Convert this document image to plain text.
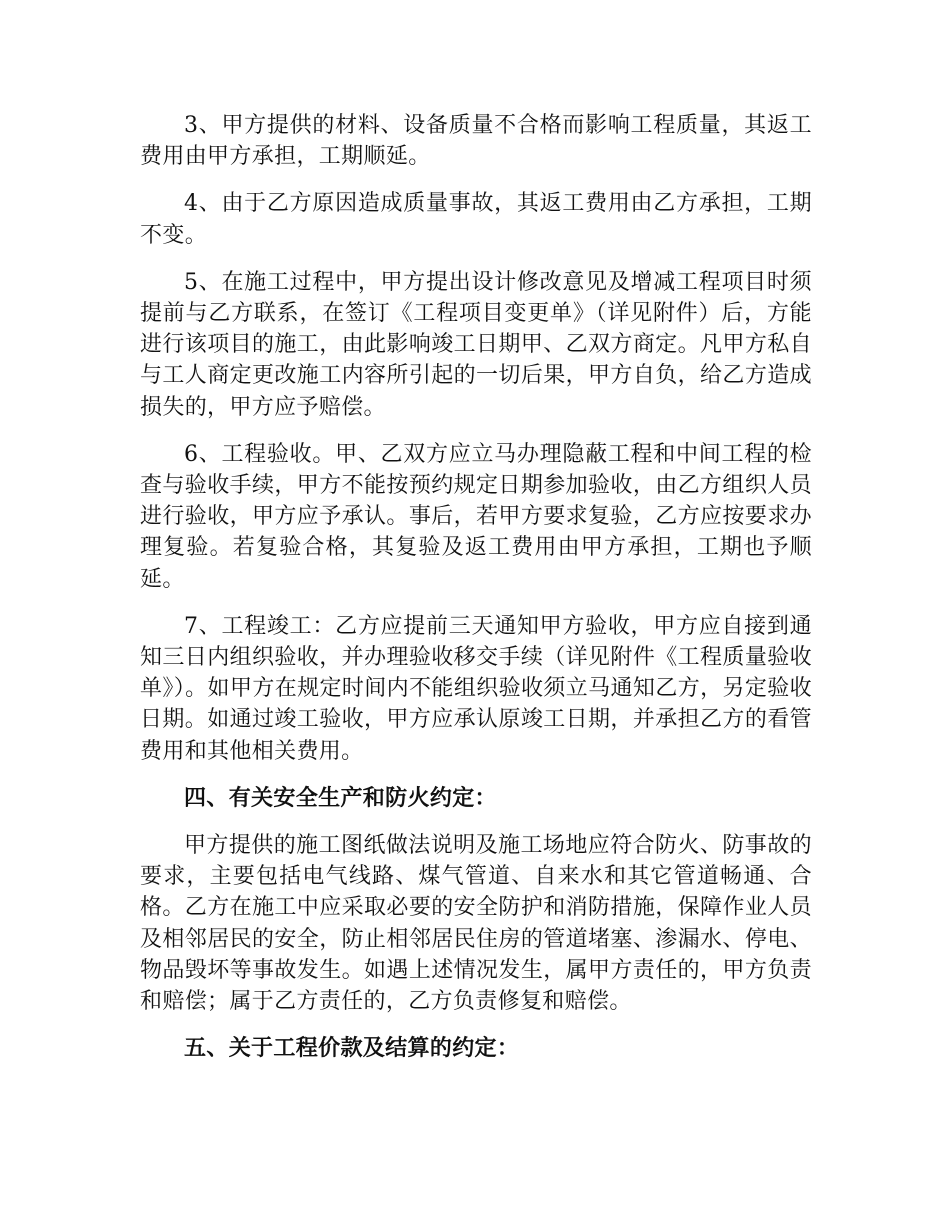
3、甲方提供的材料、设备质量不合格而影响工程质量，其返工费用由甲方承担，工期顺延。

4、由于乙方原因造成质量事故，其返工费用由乙方承担，工期不变。

5、在施工过程中，甲方提出设计修改意见及增减工程项目时须提前与乙方联系，在签订《工程项目变更单》（详见附件）后，方能进行该项目的施工，由此影响竣工日期甲、乙双方商定。凡甲方私自与工人商定更改施工内容所引起的一切后果，甲方自负，给乙方造成损失的，甲方应予赔偿。

6、工程验收。甲、乙双方应立马办理隐蔽工程和中间工程的检查与验收手续，甲方不能按预约规定日期参加验收，由乙方组织人员进行验收，甲方应予承认。事后，若甲方要求复验，乙方应按要求办理复验。若复验合格，其复验及返工费用由甲方承担，工期也予顺延。

7、工程竣工：乙方应提前三天通知甲方验收，甲方应自接到通知三日内组织验收，并办理验收移交手续（详见附件《工程质量验收单》）。如甲方在规定时间内不能组织验收须立马通知乙方，另定验收日期。如通过竣工验收，甲方应承认原竣工日期，并承担乙方的看管费用和其他相关费用。

四、有关安全生产和防火约定：

甲方提供的施工图纸做法说明及施工场地应符合防火、防事故的要求，主要包括电气线路、煤气管道、自来水和其它管道畅通、合格。乙方在施工中应采取必要的安全防护和消防措施，保障作业人员及相邻居民的安全，防止相邻居民住房的管道堵塞、渗漏水、停电、物品毁坏等事故发生。如遇上述情况发生，属甲方责任的，甲方负责和赔偿；属于乙方责任的，乙方负责修复和赔偿。

五、关于工程价款及结算的约定：
